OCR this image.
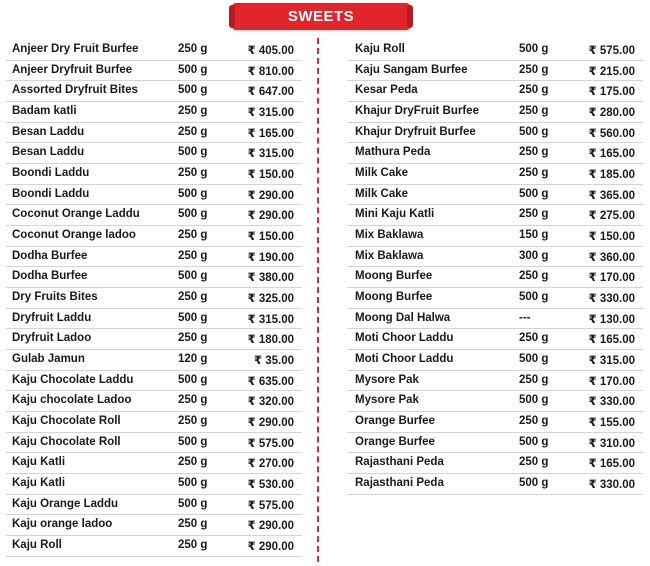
SWEETS
Anjeer Dry Fruit Burfee	250 g	₹ 405.00
Anjeer Dryfruit Burfee	500 g	₹ 810.00
Assorted Dryfruit Bites	500 g	₹ 647.00
Badam katli	250 g	₹ 315.00
Besan Laddu	250 g	₹ 165.00
Besan Laddu	500 g	₹ 315.00
Boondi Laddu	250 g	₹ 150.00
Boondi Laddu	500 g	₹ 290.00
Coconut Orange Laddu	500 g	₹ 290.00
Coconut Orange ladoo	250 g	₹ 150.00
Dodha Burfee	250 g	₹ 190.00
Dodha Burfee	500 g	₹ 380.00
Dry Fruits Bites	250 g	₹ 325.00
Dryfruit Laddu	500 g	₹ 315.00
Dryfruit Ladoo	250 g	₹ 180.00
Gulab Jamun	120 g	₹ 35.00
Kaju Chocolate Laddu	500 g	₹ 635.00
Kaju chocolate Ladoo	250 g	₹ 320.00
Kaju Chocolate Roll	250 g	₹ 290.00
Kaju Chocolate Roll	500 g	₹ 575.00
Kaju Katli	250 g	₹ 270.00
Kaju Katli	500 g	₹ 530.00
Kaju Orange Laddu	500 g	₹ 575.00
Kaju orange ladoo	250 g	₹ 290.00
Kaju Roll	250 g	₹ 290.00
Kaju Roll	500 g	₹ 575.00
Kaju Sangam Burfee	250 g	₹ 215.00
Kesar Peda	250 g	₹ 175.00
Khajur DryFruit Burfee	250 g	₹ 280.00
Khajur Dryfruit Burfee	500 g	₹ 560.00
Mathura Peda	250 g	₹ 165.00
Milk Cake	250 g	₹ 185.00
Milk Cake	500 g	₹ 365.00
Mini Kaju Katli	250 g	₹ 275.00
Mix Baklawa	150 g	₹ 150.00
Mix Baklawa	300 g	₹ 360.00
Moong Burfee	250 g	₹ 170.00
Moong Burfee	500 g	₹ 330.00
Moong Dal Halwa	---	₹ 130.00
Moti Choor Laddu	250 g	₹ 165.00
Moti Choor Laddu	500 g	₹ 315.00
Mysore Pak	250 g	₹ 170.00
Mysore Pak	500 g	₹ 330.00
Orange Burfee	250 g	₹ 155.00
Orange Burfee	500 g	₹ 310.00
Rajasthani Peda	250 g	₹ 165.00
Rajasthani Peda	500 g	₹ 330.00
